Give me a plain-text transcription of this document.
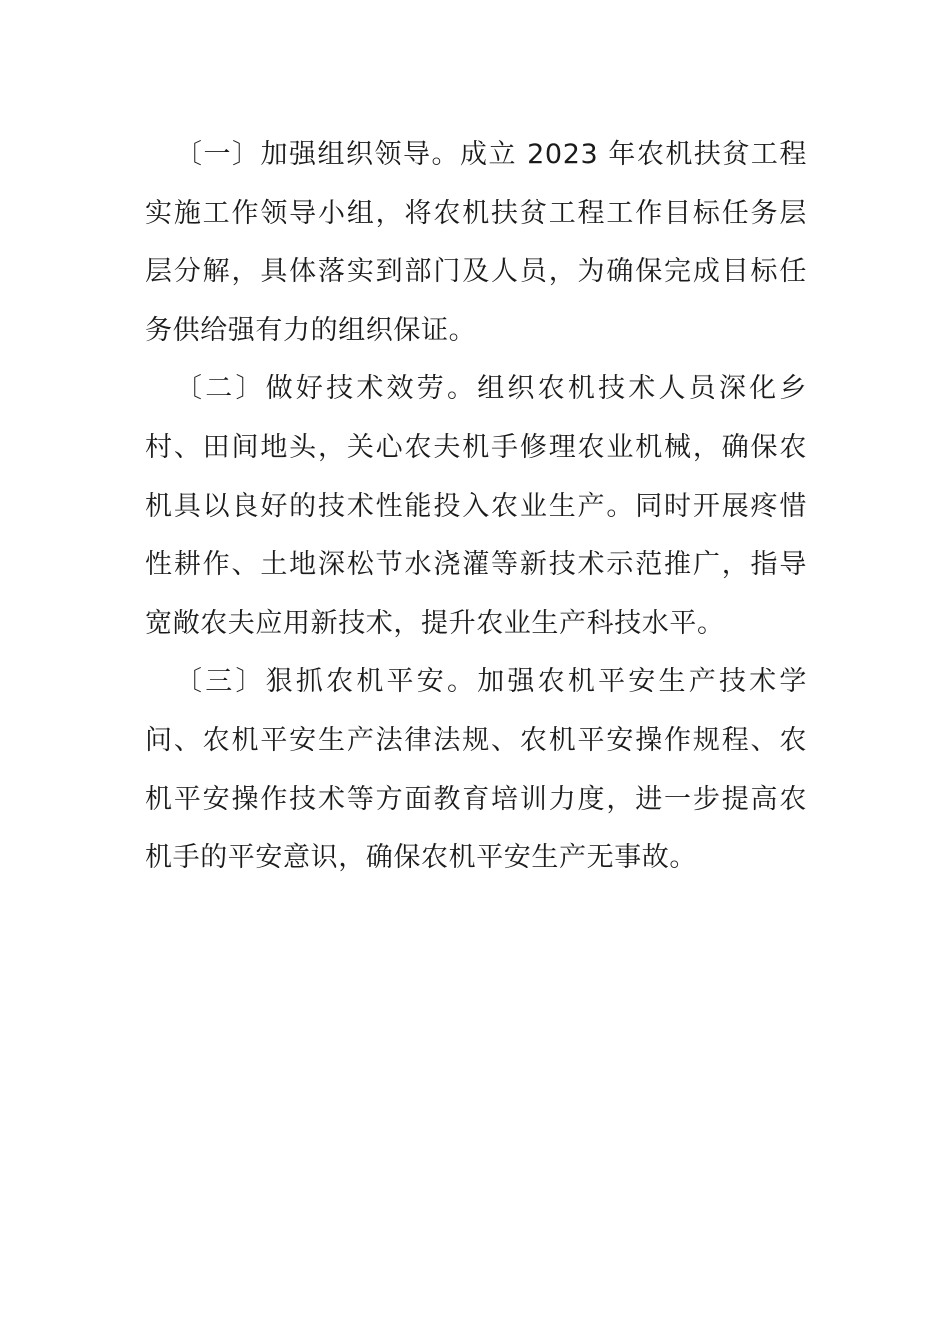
〔一〕加强组织领导。成立 2023 年农机扶贫工程实施工作领导小组，将农机扶贫工程工作目标任务层层分解，具体落实到部门及人员，为确保完成目标任务供给强有力的组织保证。

〔二〕做好技术效劳。组织农机技术人员深化乡村、田间地头，关心农夫机手修理农业机械，确保农机具以良好的技术性能投入农业生产。同时开展疼惜性耕作、土地深松节水浇灌等新技术示范推广，指导宽敞农夫应用新技术，提升农业生产科技水平。

〔三〕狠抓农机平安。加强农机平安生产技术学问、农机平安生产法律法规、农机平安操作规程、农机平安操作技术等方面教育培训力度，进一步提高农机手的平安意识，确保农机平安生产无事故。
